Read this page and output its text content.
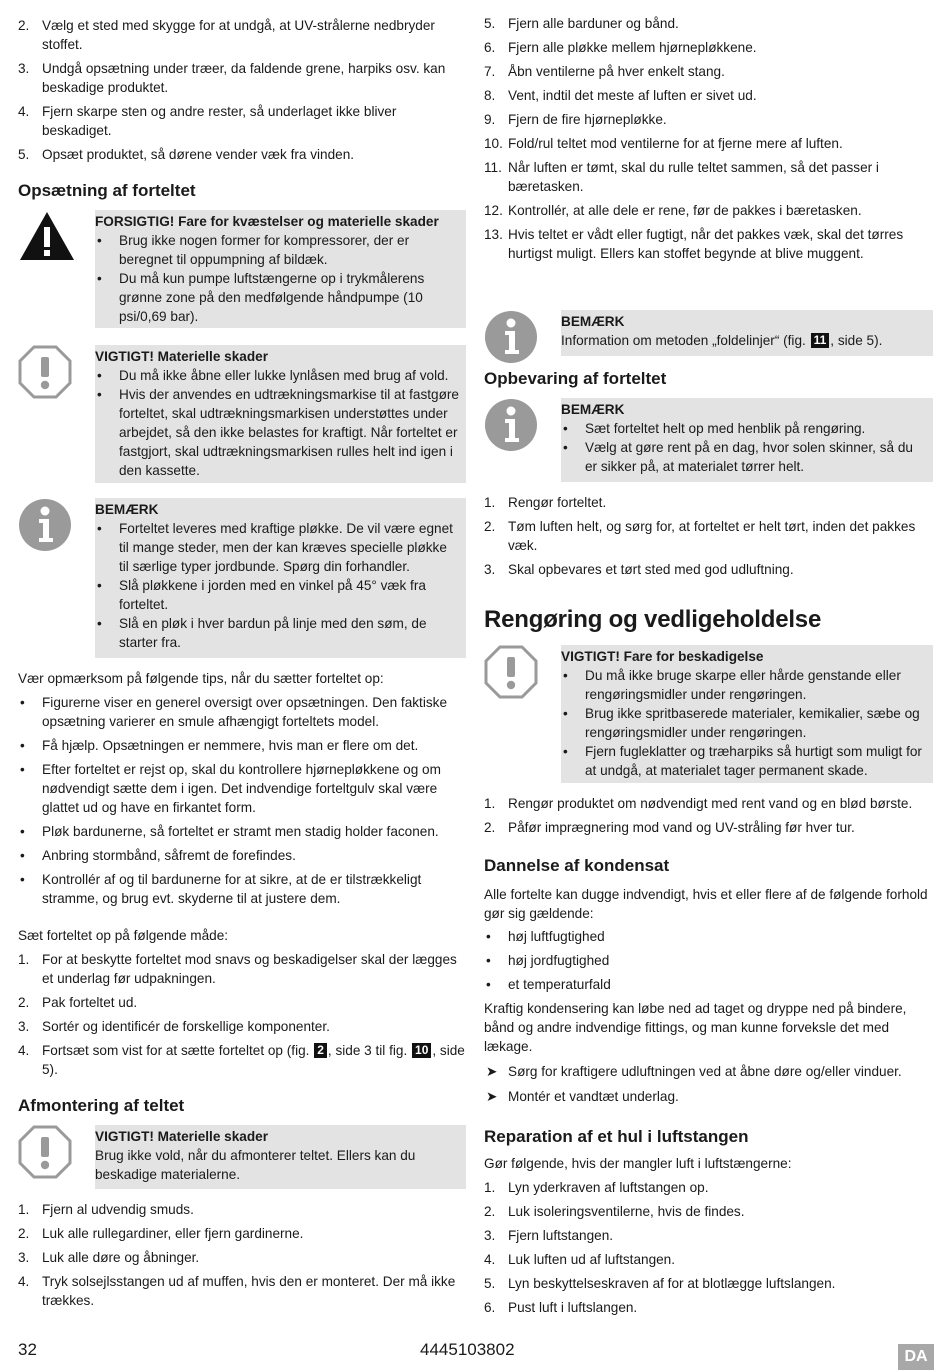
2. Vælg et sted med skygge for at undgå, at UV-strålerne nedbryder stoffet.
3. Undgå opsætning under træer, da faldende grene, harpiks osv. kan beskadige produktet.
4. Fjern skarpe sten og andre rester, så underlaget ikke bliver beskadiget.
5. Opsæt produktet, så dørene vender væk fra vinden.
Opsætning af forteltet

FORSIGTIG! Fare for kvæstelser og materielle skader

• Brug ikke nogen former for kompressorer, der er beregnet til oppumpning af bildæk.
• Du må kun pumpe luftstængerne op i trykmålerens grønne zone på den medfølgende håndpumpe (10 psi/0,69 bar).

VIGTIGT! Materielle skader

• Du må ikke åbne eller lukke lynlåsen med brug af vold.
• Hvis der anvendes en udtrækningsmarkise til at fastgøre forteltet, skal udtrækningsmarkisen understøttes under arbejdet, så den ikke belastes for kraftigt. Når forteltet er fastgjort, skal udtrækningsmarkisen rulles helt ind igen i den kassette.

BEMÆRK

• Forteltet leveres med kraftige pløkke. De vil være egnet til mange steder, men der kan kræves specielle pløkke til særlige typer jordbunde. Spørg din forhandler.
• Slå pløkkene i jorden med en vinkel på 45° væk fra forteltet.
• Slå en pløk i hver bardun på linje med den søm, de starter fra.

Vær opmærksom på følgende tips, når du sætter forteltet op:

• Figurerne viser en generel oversigt over opsætningen. Den faktiske opsætning varierer en smule afhængigt forteltets model.
• Få hjælp. Opsætningen er nemmere, hvis man er flere om det.
• Efter forteltet er rejst op, skal du kontrollere hjørnepløkkene og om nødvendigt sætte dem i igen. Det indvendige forteltgulv skal være glattet ud og have en firkantet form.
• Pløk bardunerne, så forteltet er stramt men stadig holder faconen.
• Anbring stormbånd, såfremt de forefindes.
• Kontrollér af og til bardunerne for at sikre, at de er tilstrækkeligt stramme, og brug evt. skyderne til at justere dem.

Sæt forteltet op på følgende måde:

1. For at beskytte forteltet mod snavs og beskadigelser skal der lægges et underlag før udpakningen.
2. Pak forteltet ud.
3. Sortér og identificér de forskellige komponenter.
4. Fortsæt som vist for at sætte forteltet op (fig. 2 , side 3 til fig. 10 , side 5).
Afmontering af teltet

VIGTIGT! Materielle skader

Brug ikke vold, når du afmonterer teltet. Ellers kan du beskadige materialerne.

1. Fjern al udvendig smuds.
2. Luk alle rullegardiner, eller fjern gardinerne.
3. Luk alle døre og åbninger.
4. Tryk solsejlsstangen ud af muffen, hvis den er monteret. Der må ikke trækkes.
5. Fjern alle barduner og bånd.
6. Fjern alle pløkke mellem hjørnepløkkene.
7. Åbn ventilerne på hver enkelt stang.
8. Vent, indtil det meste af luften er sivet ud.
9. Fjern de fire hjørnepløkke.
10. Fold/rul teltet mod ventilerne for at fjerne mere af luften.
11. Når luften er tømt, skal du rulle teltet sammen, så det passer i bæretasken.
12. Kontrollér, at alle dele er rene, før de pakkes i bæretasken.
13. Hvis teltet er vådt eller fugtigt, når det pakkes væk, skal det tørres hurtigst muligt. Ellers kan stoffet begynde at blive muggent.

BEMÆRK

Information om metoden „foldelinjer“ (fig. 11 , side 5).

Opbevaring af forteltet

BEMÆRK

• Sæt forteltet helt op med henblik på rengøring.
• Vælg at gøre rent på en dag, hvor solen skinner, så du er sikker på, at materialet tørrer helt.
1. Rengør forteltet.
2. Tøm luften helt, og sørg for, at forteltet er helt tørt, inden det pakkes væk.
3. Skal opbevares et tørt sted med god udluftning.
Rengøring og vedligeholdelse

VIGTIGT! Fare for beskadigelse

• Du må ikke bruge skarpe eller hårde genstande eller rengøringsmidler under rengøringen.
• Brug ikke spritbaserede materialer, kemikalier, sæbe og rengøringsmidler under rengøringen.
• Fjern fugleklatter og træharpiks så hurtigt som muligt for at undgå, at materialet tager permanent skade.
1. Rengør produktet om nødvendigt med rent vand og en blød børste.
2. Påfør imprægnering mod vand og UV-stråling før hver tur.
Dannelse af kondensat

Alle fortelte kan dugge indvendigt, hvis et eller flere af de følgende forhold gør sig gældende:

• høj luftfugtighed
• høj jordfugtighed
• et temperaturfald

Kraftig kondensering kan løbe ned ad taget og dryppe ned på bindere, bånd og andre indvendige fittings, og man kunne forveksle det med lækage.

➤ Sørg for kraftigere udluftningen ved at åbne døre og/eller vinduer.
➤ Montér et vandtæt underlag.
Reparation af et hul i luftstangen

Gør følgende, hvis der mangler luft i luftstængerne:

1. Lyn yderkraven af luftstangen op.
2. Luk isoleringsventilerne, hvis de findes.
3. Fjern luftstangen.
4. Luk luften ud af luftstangen.
5. Lyn beskyttelseskraven af for at blotlægge luftslangen.
6. Pust luft i luftslangen.
32	4445103802	DA
